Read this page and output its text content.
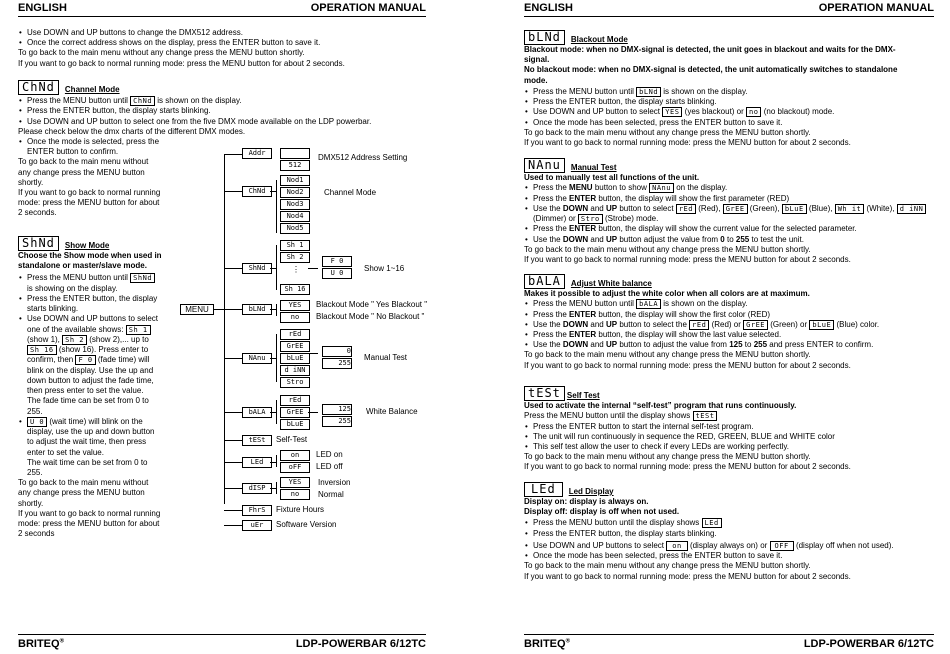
ENGLISH	OPERATION MANUAL
• Use DOWN and UP buttons to change the DMX512 address.
• Once the correct address shows on the display, press the ENTER button to save it.
To go back to the main menu without any change press the MENU button shortly.
If you want to go back to normal running mode: press the MENU button for about 2 seconds.
ChNd	Channel Mode
• Press the MENU button until ChNd is shown on the display.
• Press the ENTER button, the display starts blinking.
• Use DOWN and UP button to select one from the five DMX mode available on the LDP powerbar.
Please check below the dmx charts of the different DMX modes.
• Once the mode is selected, press the
ENTER button to confirm.
To go back to the main menu without
any change press the MENU button
shortly.
If you want to go back to normal running
mode: press the MENU button for about
2 seconds.
ShNd	Show Mode
Choose the Show mode when used in
standalone or master/slave mode.
• Press the MENU button until ShNd
is showing on the display.
• Press the ENTER button, the display
starts blinking.
• Use DOWN and UP buttons to select
one of the available shows: Sh 1
(show 1), Sh 2 (show 2),... up to
Sh 16 (show 16). Press enter to
confirm, then F 0 (fade time) will
blink on the display. Use the up and
down button to adjust the fade time,
then press enter to set the value.
The fade time can be set from 0 to
255.
• U 0 (wait time) will blink on the
display, use the up and down button
to adjust the wait time, then press
enter to set the value.
The wait time can be set from 0 to
255.
To go back to the main menu without
any change press the MENU button
shortly.
If you want to go back to normal running
mode: press the MENU button for about
2 seconds
MENU
Addr
512
DMX512 Address Setting
ChNd
Nod1
Nod2
Nod3
Nod4
Nod5
Channel Mode
ShNd
Sh 1
Sh 2
⋮
Sh 16
F 0
U 0	Show 1~16
bLNd	YES
no
Blackout Mode " Yes Blackout "
Blackout Mode " No Blackout "
NAnu
rEd
GrEE
bLuE
d iNN
Stro
0
255
Manual Test
bALA
rEd
GrEE
bLuE
125
255
White Balance
tESt	Self-Test
LEd
on
oFF
LED on
LED off
dISP
YES
no
Inversion
Normal
FhrS	Fixture Hours
uEr	Software Version
BRITEQ®	LDP-POWERBAR 6/12TC
ENGLISH	OPERATION MANUAL
bLNd	Blackout Mode
Blackout mode: when no DMX-signal is detected, the unit goes in blackout and waits for the DMX-
signal.
No blackout mode: when no DMX-signal is detected, the unit automatically switches to standalone
mode.
• Press the MENU button until bLNd is shown on the display.
• Press the ENTER button, the display starts blinking.
• Use DOWN and UP button to select YES (yes blackout) or no (no blackout) mode.
• Once the mode has been selected, press the ENTER button to save it.
To go back to the main menu without any change press the MENU button shortly.
If you want to go back to normal running mode: press the MENU button for about 2 seconds.
NAnu	Manual Test
Used to manually test all functions of the unit.
• Press the MENU button to show NAnu on the display.
• Press the ENTER button, the display will show the first parameter (RED)
• Use the DOWN and UP button to select rEd (Red), GrEE (Green), bLuE (Blue), Wh it (White), d iNN
(Dimmer) or Stro (Strobe) mode.
• Press the ENTER button, the display will show the current value for the selected parameter.
• Use the DOWN and UP button adjust the value from 0 to 255 to test the unit.
To go back to the main menu without any change press the MENU button shortly.
If you want to go back to normal running mode: press the MENU button for about 2 seconds.
bALA	Adjust White balance
Makes it possible to adjust the white color when all colors are at maximum.
• Press the MENU button until bALA is shown on the display.
• Press the ENTER button, the display will show the first color (RED)
• Use the DOWN and UP button to select the rEd (Red) or GrEE (Green) or bLuE (Blue) color.
• Press the ENTER button, the display will show the last value selected.
• Use the DOWN and UP button to adjust the value from 125 to 255 and press ENTER to confirm.
To go back to the main menu without any change press the MENU button shortly.
If you want to go back to normal running mode: press the MENU button for about 2 seconds.
tESt Self Test
Used to activate the internal “self-test” program that runs continuously.
Press the MENU button until the display shows tESt
• Press the ENTER button to start the internal self-test program.
• The unit will run continuously in sequence the RED, GREEN, BLUE and WHITE color
• This self test allow the user to check if every LEDs are working perfectly.
To go back to the main menu without any change press the MENU button shortly.
If you want to go back to normal running mode: press the MENU button for about 2 seconds.
LEd	Led Display
Display on: display is always on.
Display off: display is off when not used.
• Press the MENU button until the display shows LEd
• Press the ENTER button, the display starts blinking.
• Use DOWN and UP buttons to select on (display always on) or OFF (display off when not used).
• Once the mode has been selected, press the ENTER button to save it.
To go back to the main menu without any change press the MENU button shortly.
If you want to go back to normal running mode: press the MENU button for about 2 seconds.
BRITEQ®	LDP-POWERBAR 6/12TC
